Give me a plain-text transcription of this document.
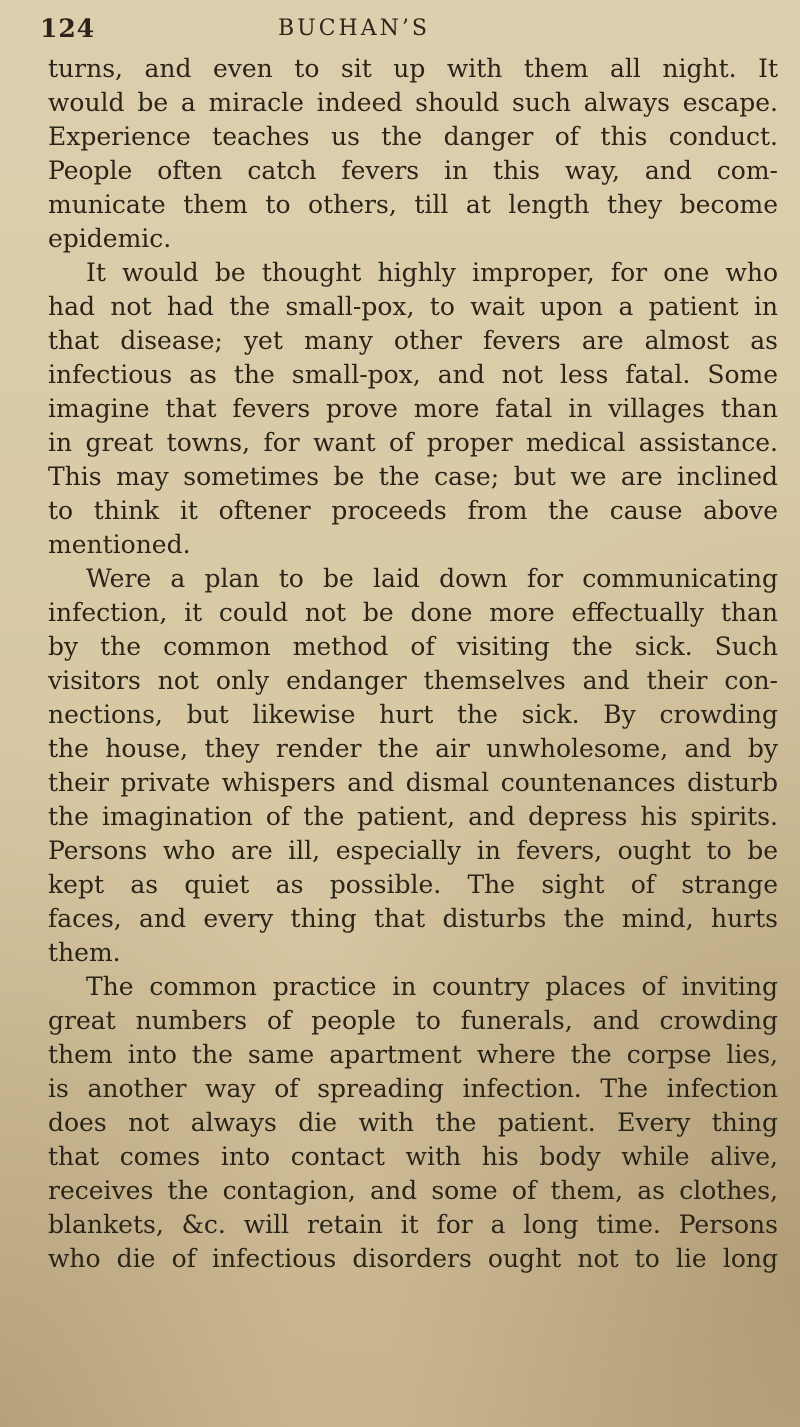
124	BUCHAN’S
turns, and even to sit up with them all night. It
would be a miracle indeed should such always escape.
Experience teaches us the danger of this conduct.
People often catch fevers in this way, and com-
municate them to others, till at length they become
epidemic.
It would be thought highly improper, for one who
had not had the small-pox, to wait upon a patient in
that disease; yet many other fevers are almost as
infectious as the small-pox, and not less fatal. Some
imagine that fevers prove more fatal in villages than
in great towns, for want of proper medical assistance.
This may sometimes be the case; but we are inclined
to think it oftener proceeds from the cause above
mentioned.
Were a plan to be laid down for communicating
infection, it could not be done more effectually than
by the common method of visiting the sick. Such
visitors not only endanger themselves and their con-
nections, but likewise hurt the sick. By crowding
the house, they render the air unwholesome, and by
their private whispers and dismal countenances disturb
the imagination of the patient, and depress his spirits.
Persons who are ill, especially in fevers, ought to be
kept as quiet as possible. The sight of strange
faces, and every thing that disturbs the mind, hurts
them.
The common practice in country places of inviting
great numbers of people to funerals, and crowding
them into the same apartment where the corpse lies,
is another way of spreading infection. The infection
does not always die with the patient. Every thing
that comes into contact with his body while alive,
receives the contagion, and some of them, as clothes,
blankets, &c. will retain it for a long time. Persons
who die of infectious disorders ought not to lie long
